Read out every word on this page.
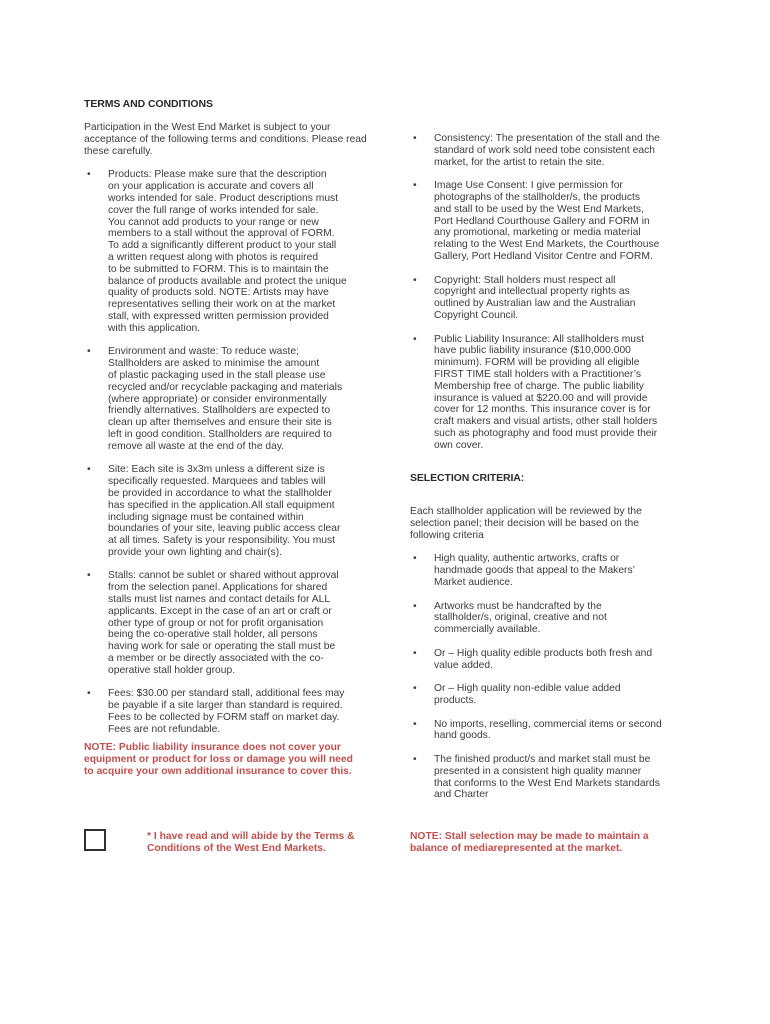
TERMS AND CONDITIONS

Participation in the West End Market is subject to your acceptance of the following terms and conditions. Please read these carefully.

• Products: Please make sure that the description
on your application is accurate and covers all
works intended for sale. Product descriptions must
cover the full range of works intended for sale.
You cannot add products to your range or new
members to a stall without the approval of FORM.
To add a significantly different product to your stall
a written request along with photos is required
to be submitted to FORM. This is to maintain the
balance of products available and protect the unique
quality of products sold. NOTE: Artists may have
representatives selling their work on at the market
stall, with expressed written permission provided
with this application.

• Environment and waste: To reduce waste;
Stallholders are asked to minimise the amount
of plastic packaging used in the stall please use
recycled and/or recyclable packaging and materials
(where appropriate) or consider environmentally
friendly alternatives. Stallholders are expected to
clean up after themselves and ensure their site is
left in good condition. Stallholders are required to
remove all waste at the end of the day.

• Site: Each site is 3x3m unless a different size is
specifically requested. Marquees and tables will
be provided in accordance to what the stallholder
has specified in the application.All stall equipment
including signage must be contained within
boundaries of your site, leaving public access clear
at all times. Safety is your responsibility. You must
provide your own lighting and chair(s).

• Stalls: cannot be sublet or shared without approval
from the selection panel. Applications for shared
stalls must list names and contact details for ALL
applicants. Except in the case of an art or craft or
other type of group or not for profit organisation
being the co-operative stall holder, all persons
having work for sale or operating the stall must be
a member or be directly associated with the co-
operative stall holder group.

• Fees: $30.00 per standard stall, additional fees may
be payable if a site larger than standard is required.
Fees to be collected by FORM staff on market day.
Fees are not refundable.

NOTE: Public liability insurance does not cover your
equipment or product for loss or damage you will need
to acquire your own additional insurance to cover this.

* I have read and will abide by the Terms &
Conditions of the West End Markets.

• Consistency: The presentation of the stall and the
standard of work sold need tobe consistent each
market, for the artist to retain the site.

• Image Use Consent: I give permission for
photographs of the stallholder/s, the products
and stall to be used by the West End Markets,
Port Hedland Courthouse Gallery and FORM in
any promotional, marketing or media material
relating to the West End Markets, the Courthouse
Gallery, Port Hedland Visitor Centre and FORM.

• Copyright: Stall holders must respect all
copyright and intellectual property rights as
outlined by Australian law and the Australian
Copyright Council.

• Public Liability Insurance: All stallholders must
have public liability insurance ($10,000.000
minimum). FORM will be providing all eligible
FIRST TIME stall holders with a Practitioner’s
Membership free of charge. The public liability
insurance is valued at $220.00 and will provide
cover for 12 months. This insurance cover is for
craft makers and visual artists, other stall holders
such as photography and food must provide their
own cover.

SELECTION CRITERIA:

Each stallholder application will be reviewed by the
selection panel; their decision will be based on the
following criteria

• High quality, authentic artworks, crafts or
handmade goods that appeal to the Makers’
Market audience.

• Artworks must be handcrafted by the
stallholder/s, original, creative and not
commercially available.

• Or – High quality edible products both fresh and
value added.

• Or – High quality non-edible value added
products.

• No imports, reselling, commercial items or second
hand goods.

• The finished product/s and market stall must be
presented in a consistent high quality manner
that conforms to the West End Markets standards
and Charter

NOTE: Stall selection may be made to maintain a
balance of mediarepresented at the market.
